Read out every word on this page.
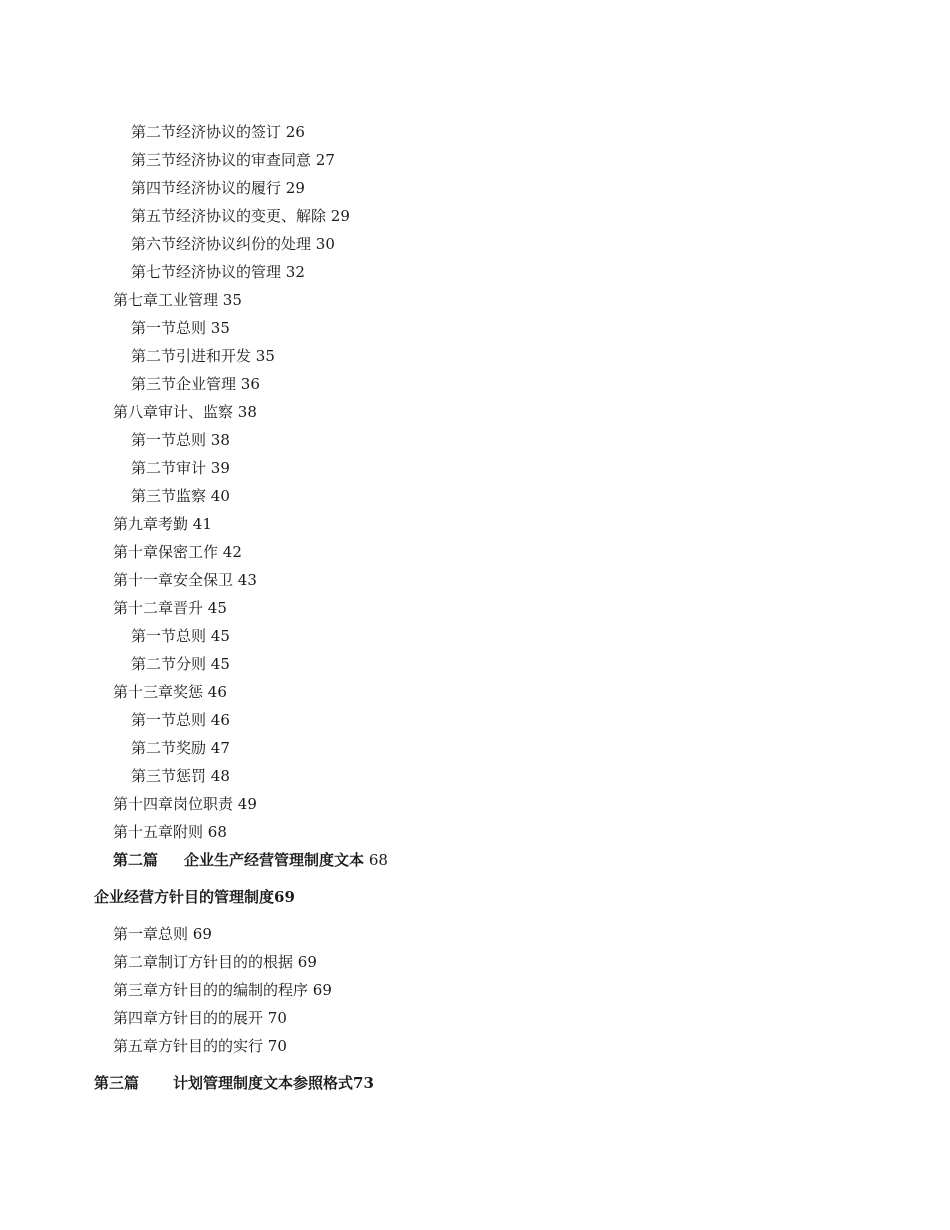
第二节经济协议的签订 26
第三节经济协议的审查同意 27
第四节经济协议的履行 29
第五节经济协议的变更、解除 29
第六节经济协议纠份的处理 30
第七节经济协议的管理 32
第七章工业管理 35
第一节总则 35
第二节引进和开发 35
第三节企业管理 36
第八章审计、监察 38
第一节总则 38
第二节审计 39
第三节监察 40
第九章考勤 41
第十章保密工作 42
第十一章安全保卫 43
第十二章晋升 45
第一节总则 45
第二节分则 45
第十三章奖惩 46
第一节总则 46
第二节奖励 47
第三节惩罚 48
第十四章岗位职责 49
第十五章附则 68
第二篇 企业生产经营管理制度文本 68
企业经营方针目的管理制度69
第一章总则 69
第二章制订方针目的的根据 69
第三章方针目的的编制的程序 69
第四章方针目的的展开 70
第五章方针目的的实行 70
第三篇 计划管理制度文本参照格式73
